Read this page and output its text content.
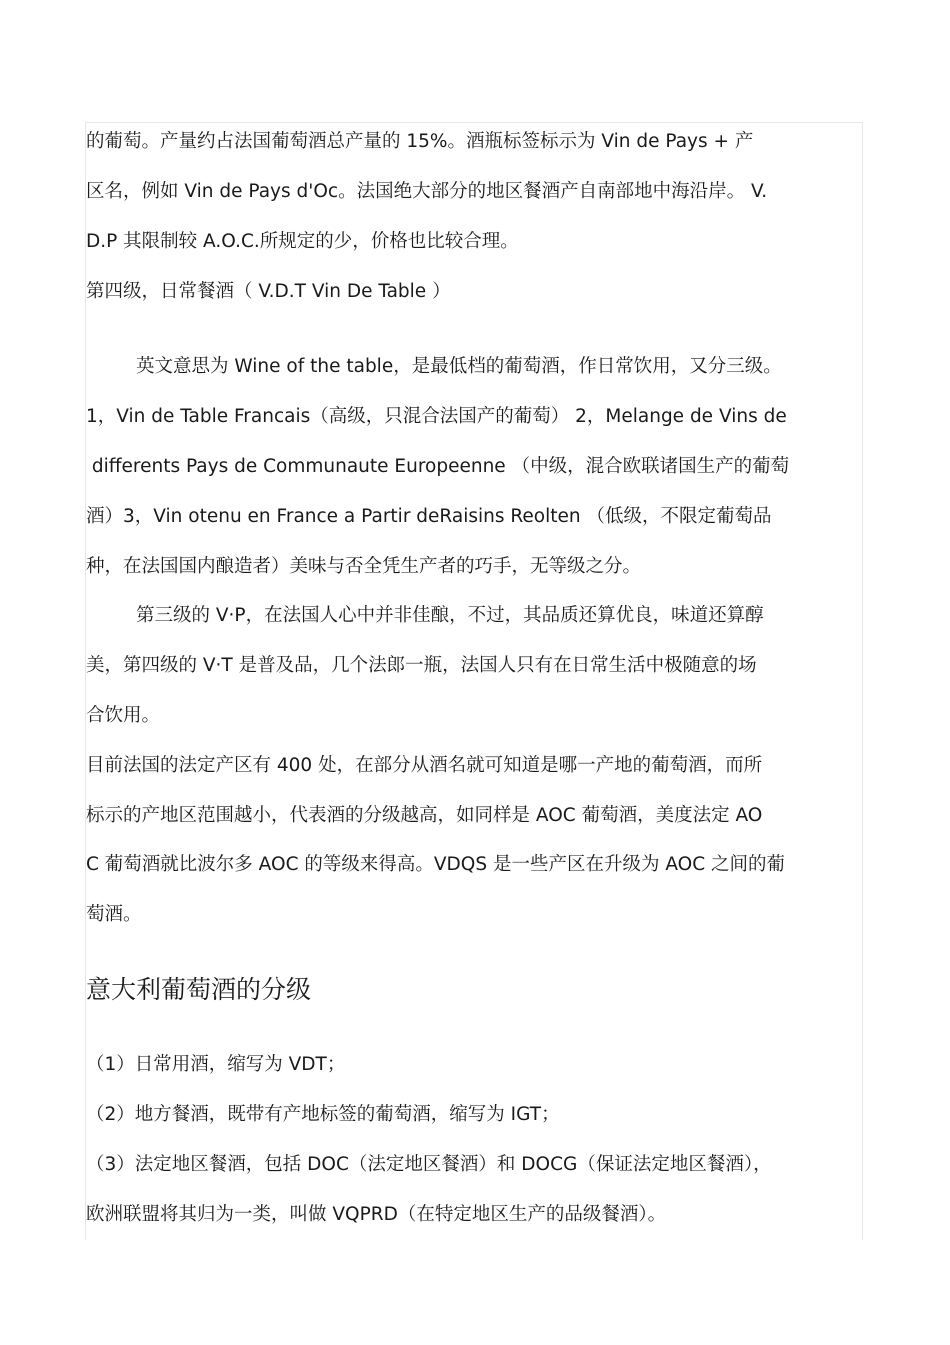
的葡萄。产量约占法国葡萄酒总产量的 15%。酒瓶标签标示为 Vin de Pays + 产
区名，例如 Vin de Pays d'Oc。法国绝大部分的地区餐酒产自南部地中海沿岸。 V.
D.P 其限制较 A.O.C.所规定的少，价格也比较合理。
第四级，日常餐酒（ V.D.T Vin De Table ）
英文意思为 Wine of the table，是最低档的葡萄酒，作日常饮用，又分三级。
1，Vin de Table Francais（高级，只混合法国产的葡萄） 2，Melange de Vins de
differents Pays de Communaute Europeenne （中级，混合欧联诸国生产的葡萄
酒）3，Vin otenu en France a Partir deRaisins Reolten （低级，不限定葡萄品
种，在法国国内酿造者）美味与否全凭生产者的巧手，无等级之分。
第三级的 V·P，在法国人心中并非佳酿，不过，其品质还算优良，味道还算醇
美，第四级的 V·T 是普及品，几个法郎一瓶，法国人只有在日常生活中极随意的场
合饮用。
目前法国的法定产区有 400 处，在部分从酒名就可知道是哪一产地的葡萄酒，而所
标示的产地区范围越小，代表酒的分级越高，如同样是 AOC 葡萄酒，美度法定 AO
C 葡萄酒就比波尔多 AOC 的等级来得高。VDQS 是一些产区在升级为 AOC 之间的葡
萄酒。
意大利葡萄酒的分级
（1）日常用酒，缩写为 VDT；
（2）地方餐酒，既带有产地标签的葡萄酒，缩写为 IGT；
（3）法定地区餐酒，包括 DOC（法定地区餐酒）和 DOCG（保证法定地区餐酒），
欧洲联盟将其归为一类，叫做 VQPRD（在特定地区生产的品级餐酒）。
